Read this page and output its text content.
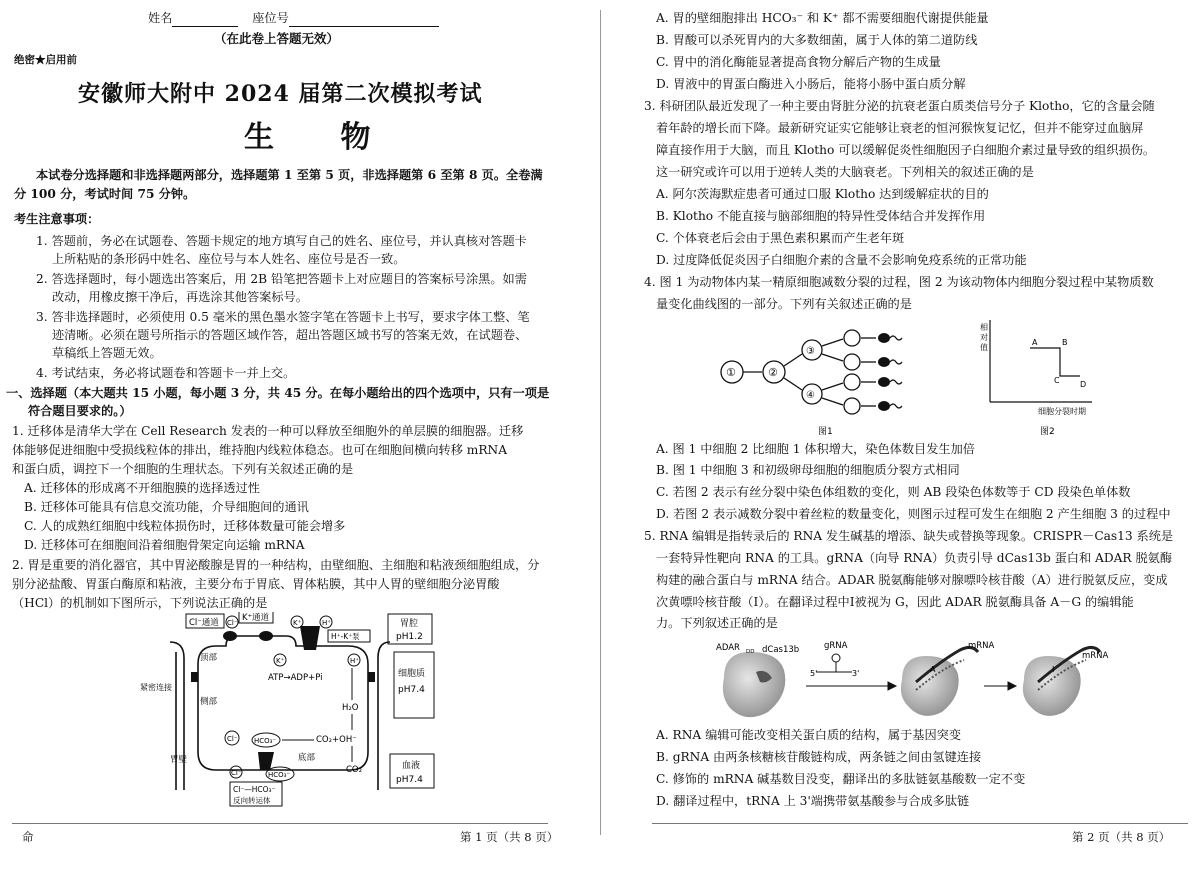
姓名	座位号
（在此卷上答题无效）
绝密★启用前
安徽师大附中 2024 届第二次模拟考试
生 物
本试卷分选择题和非选择题两部分，选择题第 1 至第 5 页，非选择题第 6 至第 8 页。全卷满
分 100 分，考试时间 75 分钟。
考生注意事项：
1. 答题前，务必在试题卷、答题卡规定的地方填写自己的姓名、座位号，并认真核对答题卡
上所粘贴的条形码中姓名、座位号与本人姓名、座位号是否一致。
2. 答选择题时，每小题选出答案后，用 2B 铅笔把答题卡上对应题目的答案标号涂黑。如需
改动，用橡皮擦干净后，再选涂其他答案标号。
3. 答非选择题时，必须使用 0.5 毫米的黑色墨水签字笔在答题卡上书写，要求字体工整、笔
迹清晰。必须在题号所指示的答题区域作答，超出答题区域书写的答案无效，在试题卷、
草稿纸上答题无效。
4. 考试结束，务必将试题卷和答题卡一并上交。
一、选择题（本大题共 15 小题，每小题 3 分，共 45 分。在每小题给出的四个选项中，只有一项是
符合题目要求的。）
1. 迁移体是清华大学在 Cell Research 发表的一种可以释放至细胞外的单层膜的细胞器。迁移
体能够促进细胞中受损线粒体的排出，维持胞内线粒体稳态。也可在细胞间横向转移 mRNA
和蛋白质，调控下一个细胞的生理状态。下列有关叙述正确的是
A. 迁移体的形成离不开细胞膜的选择透过性
B. 迁移体可能具有信息交流功能，介导细胞间的通讯
C. 人的成熟红细胞中线粒体损伤时，迁移体数量可能会增多
D. 迁移体可在细胞间沿着细胞骨架定向运输 mRNA
2. 胃是重要的消化器官，其中胃泌酸腺是胃的一种结构，由壁细胞、主细胞和粘液颈细胞组成，分
别分泌盐酸、胃蛋白酶原和粘液，主要分布于胃底、胃体粘膜，其中人胃的壁细胞分泌胃酸
（HCl）的机制如下图所示，下列说法正确的是
Cl⁻通道	K⁺通道
Cl⁻	K⁺	H⁺
H⁺-K⁺泵
胃腔
pH1.2
顶部
紧密连接
侧部
K⁺
ATP→ADP+Pi
H⁺
细胞质
pH7.4
H₂O
Cl⁻ HCO₃⁻	CO₂+OH⁻
底部
胃壁
CO₂
Cl⁻	HCO₃⁻
Cl⁻—HCO₃⁻
反向转运体
血液
pH7.4
命	第 1 页（共 8 页）
A. 胃的壁细胞排出 HCO₃⁻ 和 K⁺ 都不需要细胞代谢提供能量
B. 胃酸可以杀死胃内的大多数细菌，属于人体的第二道防线
C. 胃中的消化酶能显著提高食物分解后产物的生成量
D. 胃液中的胃蛋白酶进入小肠后，能将小肠中蛋白质分解
3. 科研团队最近发现了一种主要由肾脏分泌的抗衰老蛋白质类信号分子 Klotho，它的含量会随
着年龄的增长而下降。最新研究证实它能够让衰老的恒河猴恢复记忆，但并不能穿过血脑屏
障直接作用于大脑，而且 Klotho 可以缓解促炎性细胞因子白细胞介素过量导致的组织损伤。
这一研究或许可以用于逆转人类的大脑衰老。下列相关的叙述正确的是
A. 阿尔茨海默症患者可通过口服 Klotho 达到缓解症状的目的
B. Klotho 不能直接与脑部细胞的特异性受体结合并发挥作用
C. 个体衰老后会由于黑色素积累而产生老年斑
D. 过度降低促炎因子白细胞介素的含量不会影响免疫系统的正常功能
4. 图 1 为动物体内某一精原细胞减数分裂的过程，图 2 为该动物体内细胞分裂过程中某物质数
量变化曲线图的一部分。下列有关叙述正确的是
①	②
③
④
图1
相
对
值
A	B
C	D
细胞分裂时期
图2
A. 图 1 中细胞 2 比细胞 1 体积增大，染色体数目发生加倍
B. 图 1 中细胞 3 和初级卵母细胞的细胞质分裂方式相同
C. 若图 2 表示有丝分裂中染色体组数的变化，则 AB 段染色体数等于 CD 段染色单体数
D. 若图 2 表示减数分裂中着丝粒的数量变化，则图示过程可发生在细胞 2 产生细胞 3 的过程中
5. RNA 编辑是指转录后的 RNA 发生碱基的增添、缺失或替换等现象。CRISPR－Cas13 系统是
一套特异性靶向 RNA 的工具。gRNA（向导 RNA）负责引导 dCas13b 蛋白和 ADAR 脱氨酶
构建的融合蛋白与 mRNA 结合。ADAR 脱氨酶能够对腺嘌呤核苷酸（A）进行脱氨反应，变成
次黄嘌呤核苷酸（Ⅰ）。在翻译过程中Ⅰ被视为 G，因此 ADAR 脱氨酶具备 A－G 的编辑能
力。下列叙述正确的是
ADAR DD dCas13b	gRNA
5'	3'	A
mRNA
I
mRNA
A. RNA 编辑可能改变相关蛋白质的结构，属于基因突变
B. gRNA 由两条核糖核苷酸链构成，两条链之间由氢键连接
C. 修饰的 mRNA 碱基数目没变，翻译出的多肽链氨基酸数一定不变
D. 翻译过程中，tRNA 上 3'端携带氨基酸参与合成多肽链
第 2 页（共 8 页）
